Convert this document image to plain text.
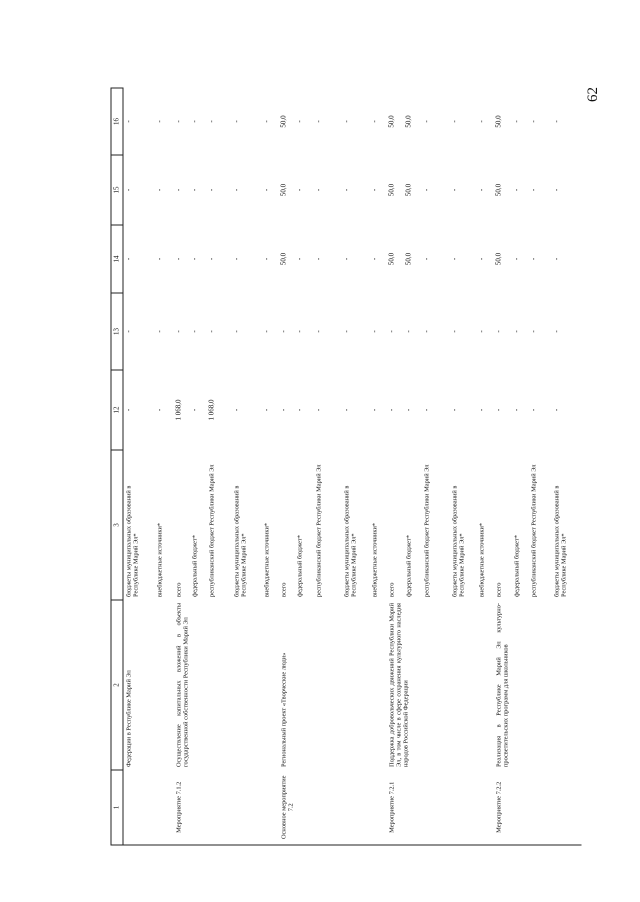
62
1	2	3	12	13	14	15	16
	Федерации в Республике Марий Эл	бюджеты муниципальных образований в Республике Марий Эл*	-	-	-	-	-
		внебюджетные источники*	-	-	-	-	-
Мероприятие 7.1.2	Осуществление капитальных вложений в объекты государственной собственности Республики Марий Эл	всего	1 068,0	-	-	-	-
		федеральный бюджет*	-	-	-	-	-
		республиканский бюджет Республики Марий Эл	1 068,0	-	-	-	-
		бюджеты муниципальных образований в Республике Марий Эл*	-	-	-	-	-
		внебюджетные источники*	-	-	-	-	-
Основное мероприятие 7.2	Региональный проект «Творческие люди»	всего	-	-	50,0	50,0	50,0
		федеральный бюджет*	-	-	-	-	-
		республиканский бюджет Республики Марий Эл	-	-	-	-	-
		бюджеты муниципальных образований в Республике Марий Эл*	-	-	-	-	-
		внебюджетные источники*	-	-	-	-	-
Мероприятие 7.2.1	Поддержка добровольческих движений Республики Марий Эл, в том числе в сфере сохранения культурного наследия народов Российской Федерации	всего	-	-	50,0	50,0	50,0
		федеральный бюджет*	-	-	50,0	50,0	50,0
		республиканский бюджет Республики Марий Эл	-	-	-	-	-
		бюджеты муниципальных образований в Республике Марий Эл*	-	-	-	-	-
		внебюджетные источники*	-	-	-	-	-
Мероприятие 7.2.2	Реализация в Республике Марий Эл культурно-просветительских программ для школьников	всего	-	-	50,0	50,0	50,0
		федеральный бюджет*	-	-	-	-	-
		республиканский бюджет Республики Марий Эл	-	-	-	-	-
		бюджеты муниципальных образований в Республике Марий Эл*	-	-	-	-	-
